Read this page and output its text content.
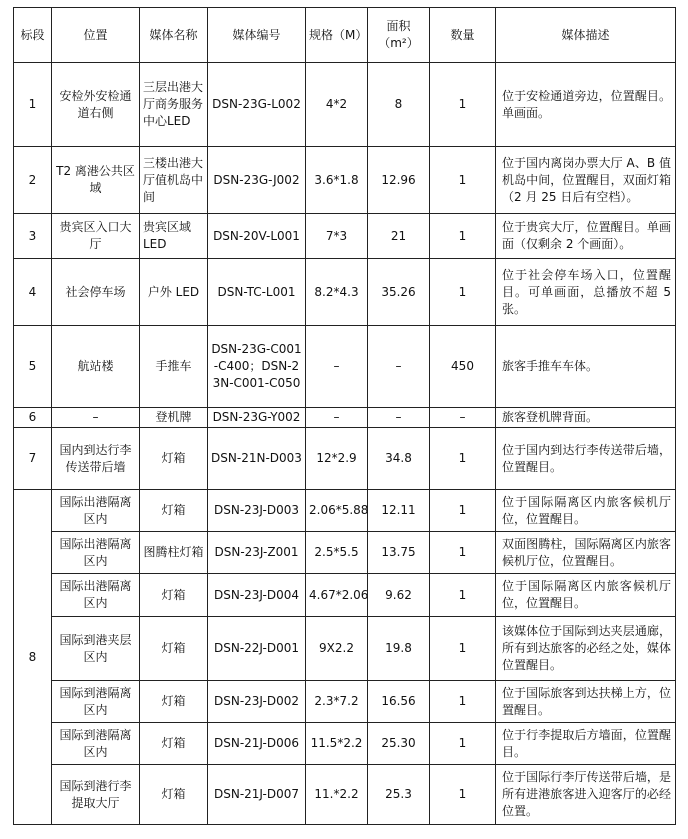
标段	位置	媒体名称	媒体编号	规格（M）	面积（m²）	数量	媒体描述
1	安检外安检通道右侧	三层出港大厅商务服务中心LED	DSN-23G-L002	4*2	8	1	位于安检通道旁边，位置醒目。单画面。
2	T2 离港公共区域	三楼出港大厅值机岛中间	DSN-23G-J002	3.6*1.8	12.96	1	位于国内离岗办票大厅 A、B 值机岛中间，位置醒目，双面灯箱（2 月 25 日后有空档）。
3	贵宾区入口大厅	贵宾区域 LED	DSN-20V-L001	7*3	21	1	位于贵宾大厅，位置醒目。单画面（仅剩余 2 个画面）。
4	社会停车场	户外 LED	DSN-TC-L001	8.2*4.3	35.26	1	位于社会停车场入口，位置醒目。可单画面，总播放不超 5 张。
5	航站楼	手推车	DSN-23G-C001-C400；DSN-23N-C001-C050	–	–	450	旅客手推车车体。
6	–	登机牌	DSN-23G-Y002	–	–	–	旅客登机牌背面。
7	国内到达行李传送带后墙	灯箱	DSN-21N-D003	12*2.9	34.8	1	位于国内到达行李传送带后墙，位置醒目。
8	国际出港隔离区内	灯箱	DSN-23J-D003	2.06*5.88	12.11	1	位于国际隔离区内旅客候机厅位，位置醒目。
	国际出港隔离区内	图腾柱灯箱	DSN-23J-Z001	2.5*5.5	13.75	1	双面图腾柱，国际隔离区内旅客候机厅位，位置醒目。
	国际出港隔离区内	灯箱	DSN-23J-D004	4.67*2.06	9.62	1	位于国际隔离区内旅客候机厅位，位置醒目。
	国际到港夹层区内	灯箱	DSN-22J-D001	9X2.2	19.8	1	该媒体位于国际到达夹层通廊，所有到达旅客的必经之处，媒体位置醒目。
	国际到港隔离区内	灯箱	DSN-23J-D002	2.3*7.2	16.56	1	位于国际旅客到达扶梯上方，位置醒目。
	国际到港隔离区内	灯箱	DSN-21J-D006	11.5*2.2	25.30	1	位于行李提取后方墙面，位置醒目。
	国际到港行李提取大厅	灯箱	DSN-21J-D007	11.*2.2	25.3	1	位于国际行李厅传送带后墙，是所有进港旅客进入迎客厅的必经位置。
